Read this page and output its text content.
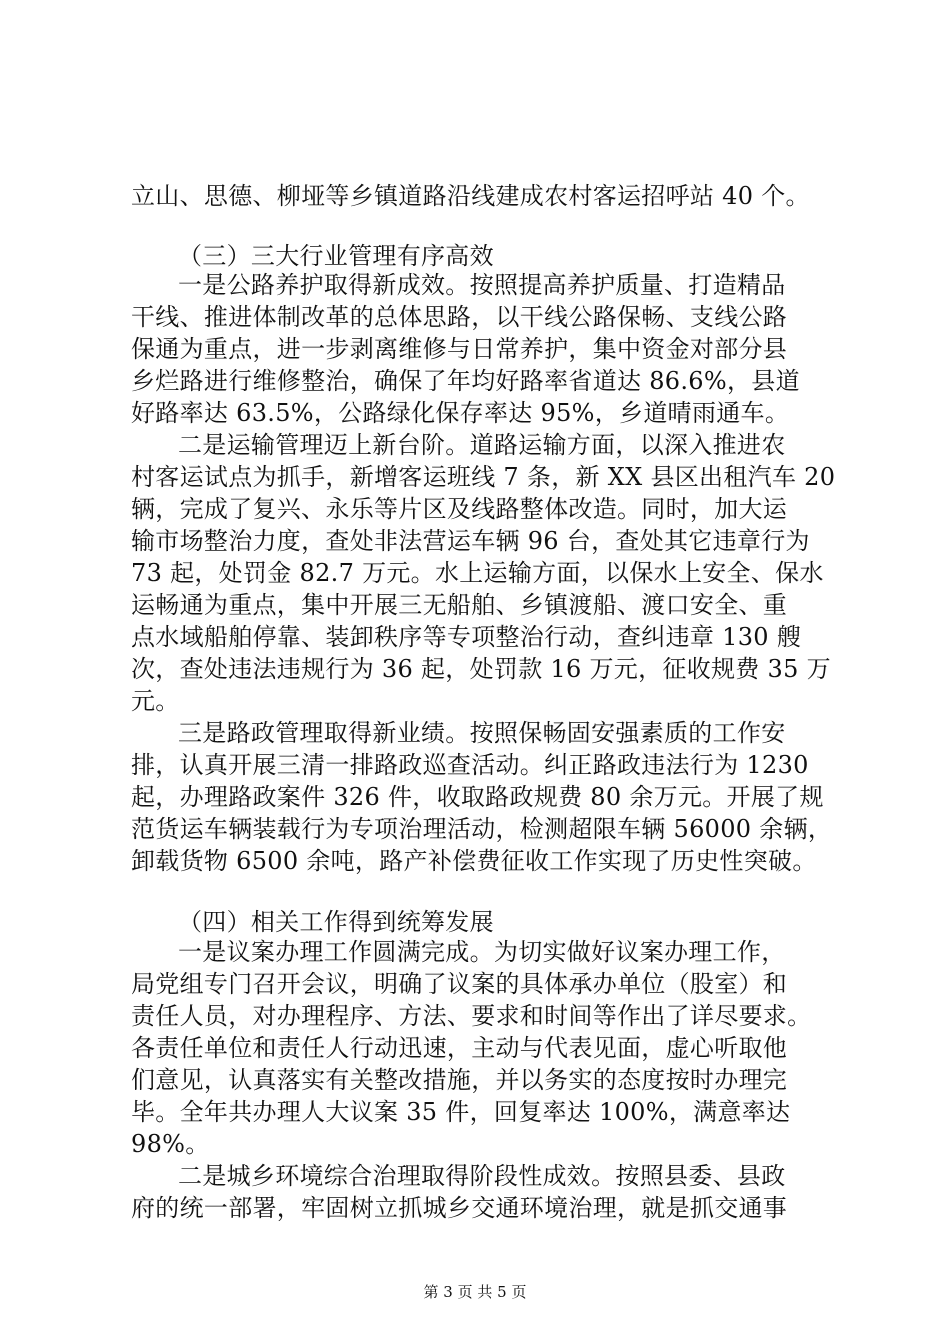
立山、思德、柳垭等乡镇道路沿线建成农村客运招呼站 40 个。
（三）三大行业管理有序高效
一是公路养护取得新成效。按照提高养护质量、打造精品
干线、推进体制改革的总体思路，以干线公路保畅、支线公路
保通为重点，进一步剥离维修与日常养护，集中资金对部分县
乡烂路进行维修整治，确保了年均好路率省道达 86.6%，县道
好路率达 63.5%，公路绿化保存率达 95%，乡道晴雨通车。
二是运输管理迈上新台阶。道路运输方面，以深入推进农
村客运试点为抓手，新增客运班线 7 条，新 XX 县区出租汽车 20
辆，完成了复兴、永乐等片区及线路整体改造。同时，加大运
输市场整治力度，查处非法营运车辆 96 台，查处其它违章行为
73 起，处罚金 82.7 万元。水上运输方面，以保水上安全、保水
运畅通为重点，集中开展三无船舶、乡镇渡船、渡口安全、重
点水域船舶停靠、装卸秩序等专项整治行动，查纠违章 130 艘
次，查处违法违规行为 36 起，处罚款 16 万元，征收规费 35 万
元。
三是路政管理取得新业绩。按照保畅固安强素质的工作安
排，认真开展三清一排路政巡查活动。纠正路政违法行为 1230
起，办理路政案件 326 件，收取路政规费 80 余万元。开展了规
范货运车辆装载行为专项治理活动，检测超限车辆 56000 余辆，
卸载货物 6500 余吨，路产补偿费征收工作实现了历史性突破。
（四）相关工作得到统筹发展
一是议案办理工作圆满完成。为切实做好议案办理工作，
局党组专门召开会议，明确了议案的具体承办单位（股室）和
责任人员，对办理程序、方法、要求和时间等作出了详尽要求。
各责任单位和责任人行动迅速，主动与代表见面，虚心听取他
们意见，认真落实有关整改措施，并以务实的态度按时办理完
毕。全年共办理人大议案 35 件，回复率达 100%，满意率达
98%。
二是城乡环境综合治理取得阶段性成效。按照县委、县政
府的统一部署，牢固树立抓城乡交通环境治理，就是抓交通事
第 3 页 共 5 页
